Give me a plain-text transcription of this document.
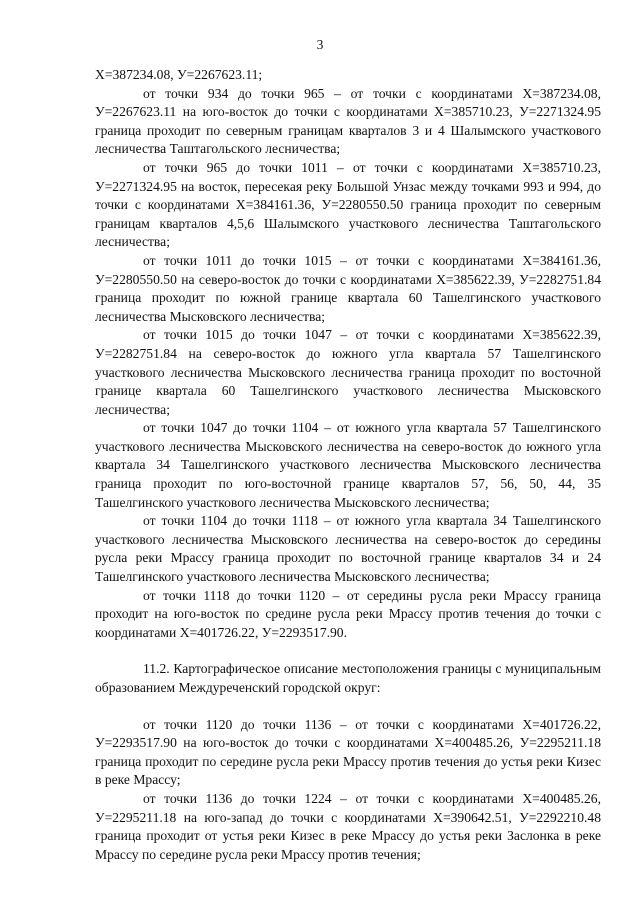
3

Х=387234.08, У=2267623.11;

от точки 934 до точки 965 – от точки с координатами Х=387234.08, У=2267623.11 на юго-восток до точки с координатами Х=385710.23, У=2271324.95 граница проходит по северным границам кварталов 3 и 4 Шалымского участкового лесничества Таштагольского лесничества;

от точки 965 до точки 1011 – от точки с координатами Х=385710.23, У=2271324.95 на восток, пересекая реку Большой Унзас между точками 993 и 994, до точки с координатами Х=384161.36, У=2280550.50 граница проходит по северным границам кварталов 4,5,6 Шалымского участкового лесничества Таштагольского лесничества;

от точки 1011 до точки 1015 – от точки с координатами Х=384161.36, У=2280550.50 на северо-восток до точки с координатами Х=385622.39, У=2282751.84 граница проходит по южной границе квартала 60 Ташелгинского участкового лесничества Мысковского лесничества;

от точки 1015 до точки 1047 – от точки с координатами Х=385622.39, У=2282751.84 на северо-восток до южного угла квартала 57 Ташелгинского участкового лесничества Мысковского лесничества граница проходит по восточной границе квартала 60 Ташелгинского участкового лесничества Мысковского лесничества;

от точки 1047 до точки 1104 – от южного угла квартала 57 Ташелгинского участкового лесничества Мысковского лесничества на северо-восток до южного угла квартала 34 Ташелгинского участкового лесничества Мысковского лесничества граница проходит по юго-восточной границе кварталов 57, 56, 50, 44, 35 Ташелгинского участкового лесничества Мысковского лесничества;

от точки 1104 до точки 1118 – от южного угла квартала 34 Ташелгинского участкового лесничества Мысковского лесничества на северо-восток до середины русла реки Мрассу граница проходит по восточной границе кварталов 34 и 24 Ташелгинского участкового лесничества Мысковского лесничества;

от точки 1118 до точки 1120 – от середины русла реки Мрассу граница проходит на юго-восток по средине русла реки Мрассу против течения до точки с координатами Х=401726.22, У=2293517.90.

11.2. Картографическое описание местоположения границы с муниципальным образованием Междуреченский городской округ:

от точки 1120 до точки 1136 – от точки с координатами Х=401726.22, У=2293517.90 на юго-восток до точки с координатами Х=400485.26, У=2295211.18 граница проходит по середине русла реки Мрассу против течения до устья реки Кизес в реке Мрассу;

от точки 1136 до точки 1224 – от точки с координатами Х=400485.26, У=2295211.18 на юго-запад до точки с координатами Х=390642.51, У=2292210.48 граница проходит от устья реки Кизес в реке Мрассу до устья реки Заслонка в реке Мрассу по середине русла реки Мрассу против течения;
